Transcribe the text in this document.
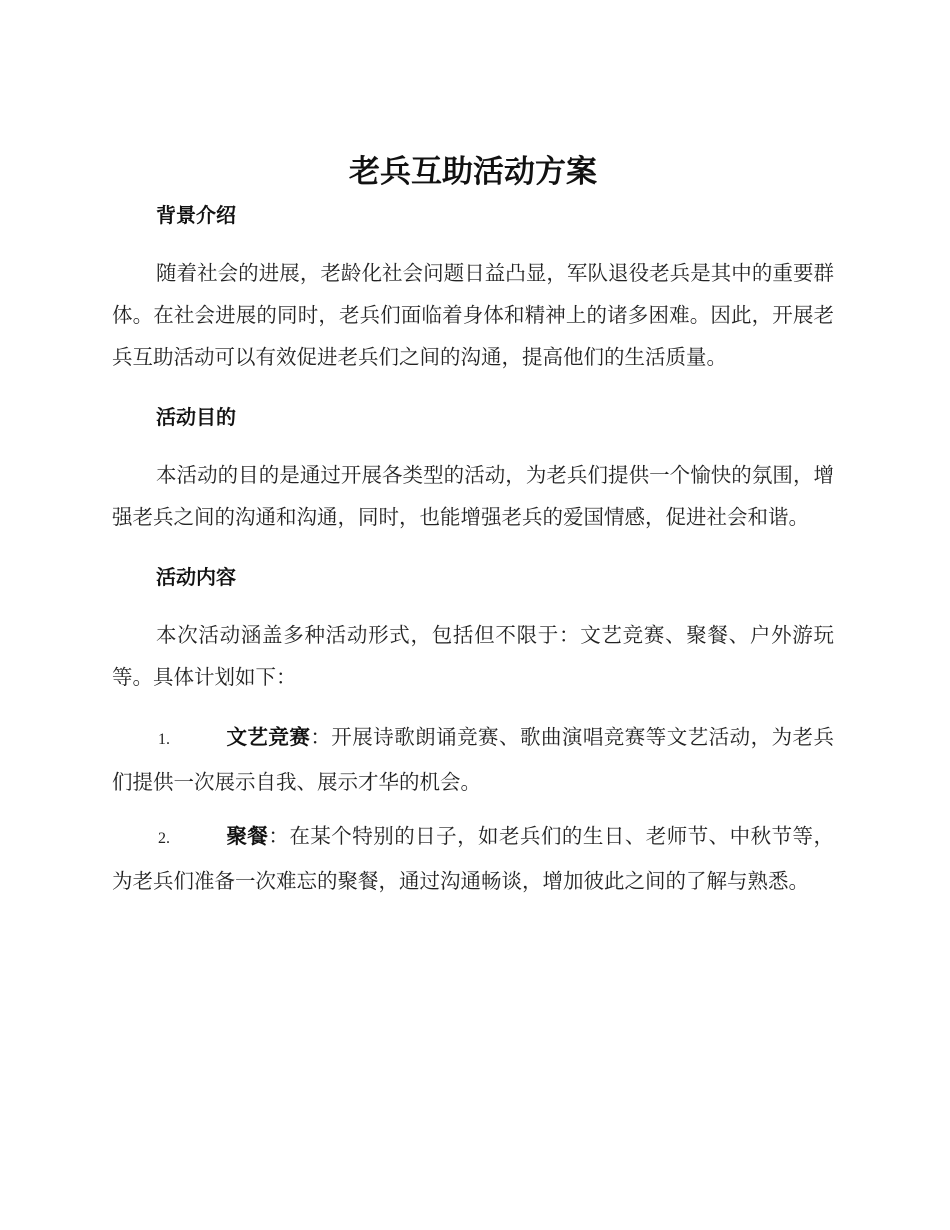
老兵互助活动方案
背景介绍

随着社会的进展，老龄化社会问题日益凸显，军队退役老兵是其中的重要群体。在社会进展的同时，老兵们面临着身体和精神上的诸多困难。因此，开展老兵互助活动可以有效促进老兵们之间的沟通，提高他们的生活质量。

活动目的

本活动的目的是通过开展各类型的活动，为老兵们提供一个愉快的氛围，增强老兵之间的沟通和沟通，同时，也能增强老兵的爱国情感，促进社会和谐。

活动内容

本次活动涵盖多种活动形式，包括但不限于：文艺竞赛、聚餐、户外游玩等。具体计划如下：

1.	文艺竞赛：开展诗歌朗诵竞赛、歌曲演唱竞赛等文艺活动，为老兵们提供一次展示自我、展示才华的机会。

2.	聚餐：在某个特别的日子，如老兵们的生日、老师节、中秋节等，为老兵们准备一次难忘的聚餐，通过沟通畅谈，增加彼此之间的了解与熟悉。
